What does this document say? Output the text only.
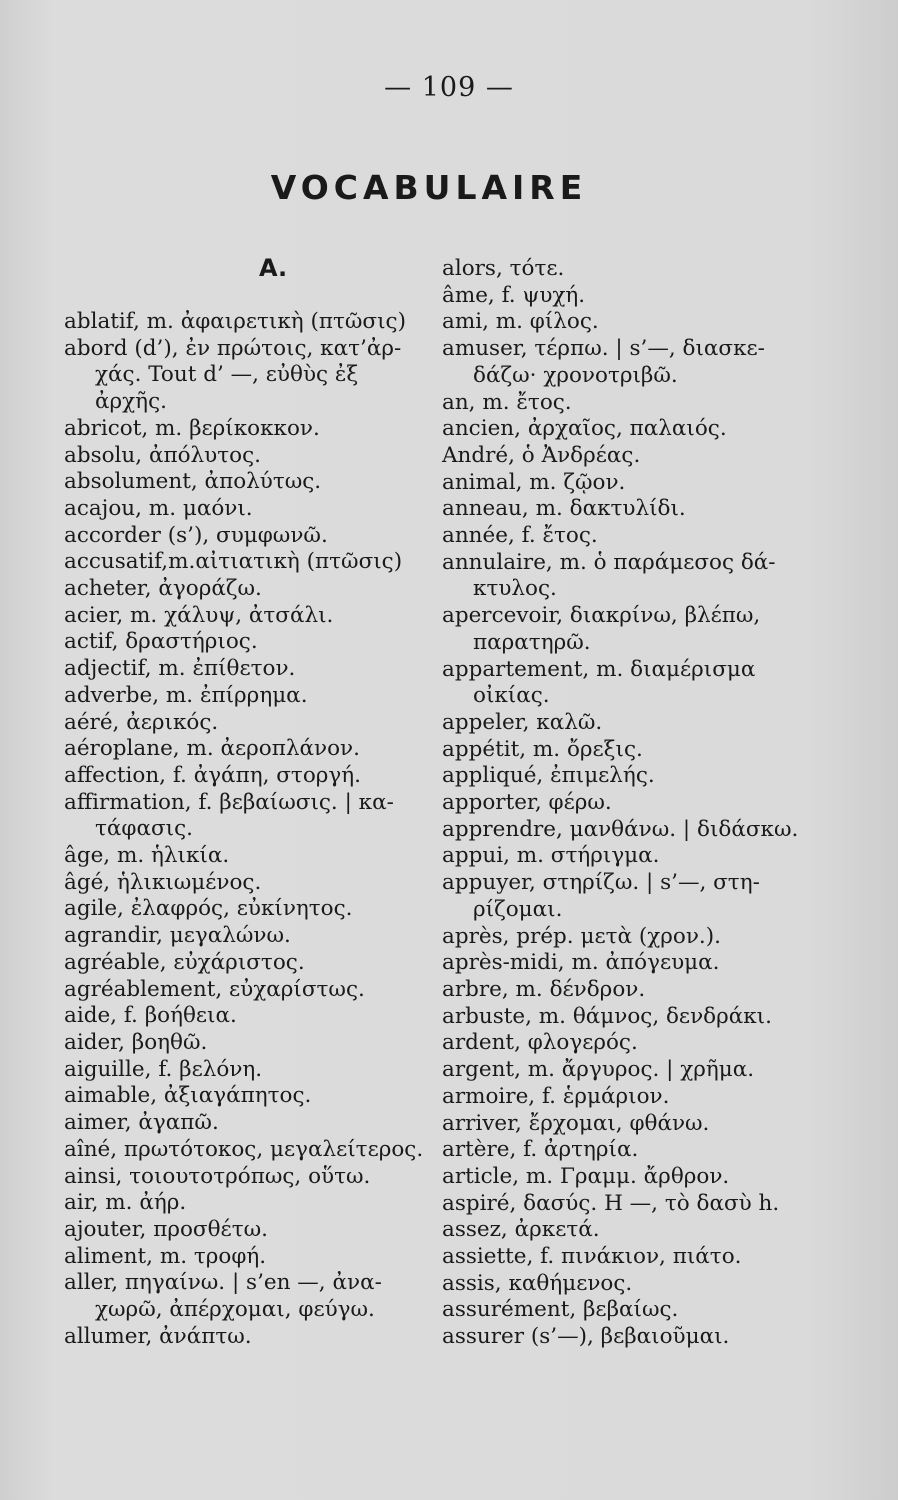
— 109 —
VOCABULAIRE
A.
ablatif, m. ἀφαιρετικὴ (πτῶσις)
abord (d’), ἐν πρώτοις, κατ’ἀρ-
χάς. Tout d’ —, εὐθὺς ἐξ
ἀρχῆς.
abricot, m. βερίκοκκον.
absolu, ἀπόλυτος.
absolument, ἀπολύτως.
acajou, m. μαόνι.
accorder (s’), συμφωνῶ.
accusatif,m.αἰτιατικὴ (πτῶσις)
acheter, ἀγοράζω.
acier, m. χάλυψ, ἀτσάλι.
actif, δραστήριος.
adjectif, m. ἐπίθετον.
adverbe, m. ἐπίρρημα.
aéré, ἀερικός.
aéroplane, m. ἀεροπλάνον.
affection, f. ἀγάπη, στοργή.
affirmation, f. βεβαίωσις. | κα-
τάφασις.
âge, m. ἡλικία.
âgé, ἡλικιωμένος.
agile, ἐλαφρός, εὐκίνητος.
agrandir, μεγαλώνω.
agréable, εὐχάριστος.
agréablement, εὐχαρίστως.
aide, f. βοήθεια.
aider, βοηθῶ.
aiguille, f. βελόνη.
aimable, ἀξιαγάπητος.
aimer, ἀγαπῶ.
aîné, πρωτότοκος, μεγαλείτερος.
ainsi, τοιουτοτρόπως, οὕτω.
air, m. ἀήρ.
ajouter, προσθέτω.
aliment, m. τροφή.
aller, πηγαίνω. | s’en —, ἀνα-
χωρῶ, ἀπέρχομαι, φεύγω.
allumer, ἀνάπτω.
alors, τότε.
âme, f. ψυχή.
ami, m. φίλος.
amuser, τέρπω. | s’—, διασκε-
δάζω· χρονοτριβῶ.
an, m. ἔτος.
ancien, ἀρχαῖος, παλαιός.
André, ὁ Ἀνδρέας.
animal, m. ζῷον.
anneau, m. δακτυλίδι.
année, f. ἔτος.
annulaire, m. ὁ παράμεσος δά-
κτυλος.
apercevoir, διακρίνω, βλέπω,
παρατηρῶ.
appartement, m. διαμέρισμα
οἰκίας.
appeler, καλῶ.
appétit, m. ὄρεξις.
appliqué, ἐπιμελής.
apporter, φέρω.
apprendre, μανθάνω. | διδάσκω.
appui, m. στήριγμα.
appuyer, στηρίζω. | s’—, στη-
ρίζομαι.
après, prép. μετὰ (χρον.).
après-midi, m. ἀπόγευμα.
arbre, m. δένδρον.
arbuste, m. θάμνος, δενδράκι.
ardent, φλογερός.
argent, m. ἄργυρος. | χρῆμα.
armoire, f. ἑρμάριον.
arriver, ἔρχομαι, φθάνω.
artère, f. ἀρτηρία.
article, m. Γραμμ. ἄρθρον.
aspiré, δασύς. H —, τὸ δασὺ h.
assez, ἀρκετά.
assiette, f. πινάκιον, πιάτο.
assis, καθήμενος.
assurément, βεβαίως.
assurer (s’—), βεβαιοῦμαι.
